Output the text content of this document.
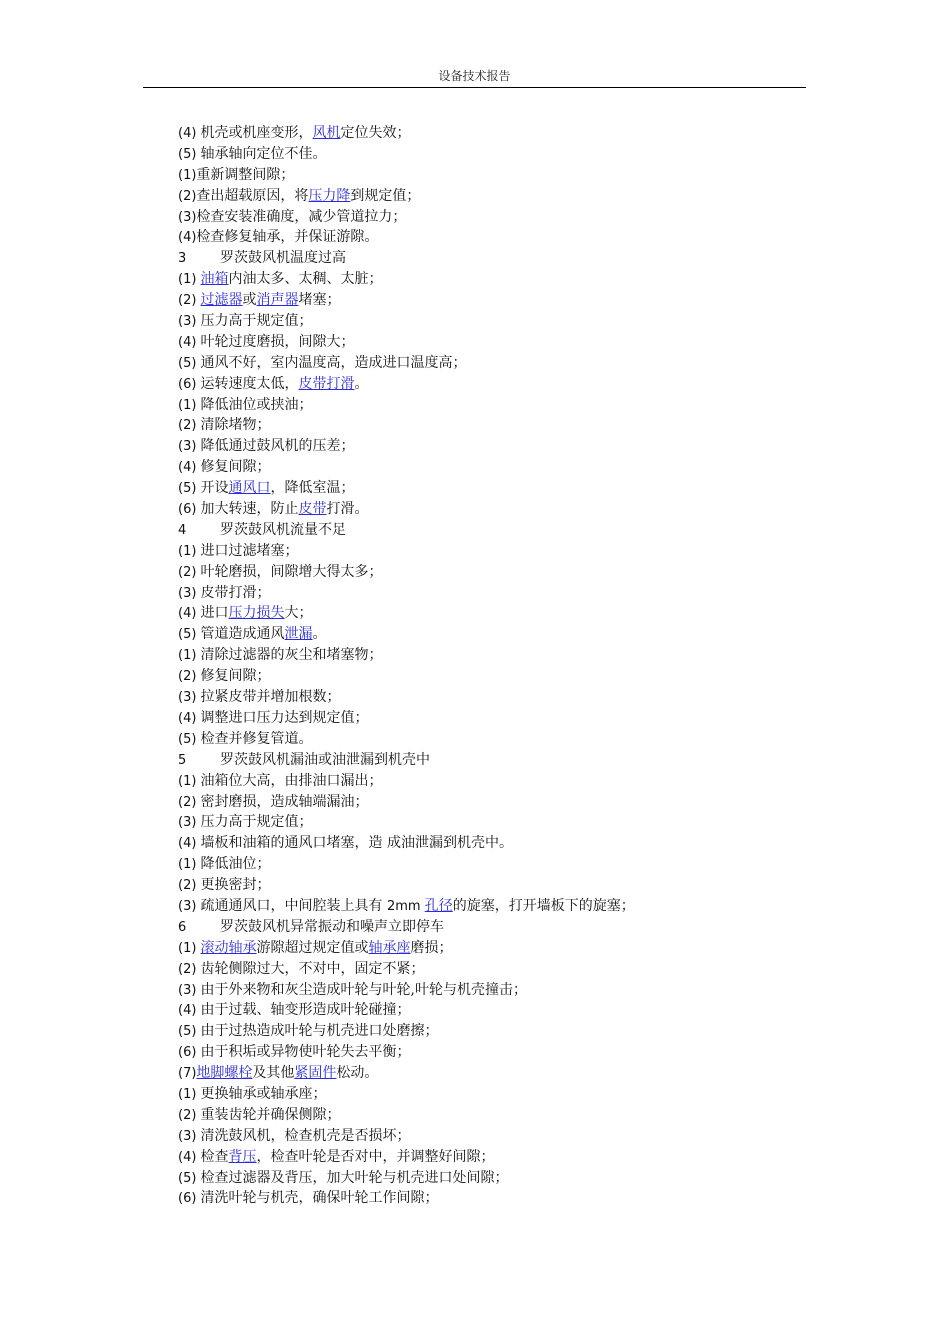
设备技术报告
(4) 机壳或机座变形，风机定位失效；
(5) 轴承轴向定位不佳。
(1)重新调整间隙；
(2)查出超载原因，将压力降到规定值；
(3)检查安装准确度，减少管道拉力；
(4)检查修复轴承，并保证游隙。
3 罗茨鼓风机温度过高
(1) 油箱内油太多、太稠、太脏；
(2) 过滤器或消声器堵塞；
(3) 压力高于规定值；
(4) 叶轮过度磨损，间隙大；
(5) 通风不好，室内温度高，造成进口温度高；
(6) 运转速度太低，皮带打滑。
(1) 降低油位或挟油；
(2) 清除堵物；
(3) 降低通过鼓风机的压差；
(4) 修复间隙；
(5) 开设通风口，降低室温；
(6) 加大转速，防止皮带打滑。
4 罗茨鼓风机流量不足
(1) 进口过滤堵塞；
(2) 叶轮磨损，间隙增大得太多；
(3) 皮带打滑；
(4) 进口压力损失大；
(5) 管道造成通风泄漏。
(1) 清除过滤器的灰尘和堵塞物；
(2) 修复间隙；
(3) 拉紧皮带并增加根数；
(4) 调整进口压力达到规定值；
(5) 检查并修复管道。
5 罗茨鼓风机漏油或油泄漏到机壳中
(1) 油箱位大高，由排油口漏出；
(2) 密封磨损，造成轴端漏油；
(3) 压力高于规定值；
(4) 墙板和油箱的通风口堵塞，造 成油泄漏到机壳中。
(1) 降低油位；
(2) 更换密封；
(3) 疏通通风口，中间腔装上具有 2mm 孔径的旋塞，打开墙板下的旋塞；
6 罗茨鼓风机异常振动和噪声立即停车
(1) 滚动轴承游隙超过规定值或轴承座磨损；
(2) 齿轮侧隙过大，不对中，固定不紧；
(3) 由于外来物和灰尘造成叶轮与叶轮,叶轮与机壳撞击；
(4) 由于过载、轴变形造成叶轮碰撞；
(5) 由于过热造成叶轮与机壳进口处磨擦；
(6) 由于积垢或异物使叶轮失去平衡；
(7)地脚螺栓及其他紧固件松动。
(1) 更换轴承或轴承座；
(2) 重装齿轮并确保侧隙；
(3) 清洗鼓风机，检查机壳是否损坏；
(4) 检查背压，检查叶轮是否对中，并调整好间隙；
(5) 检查过滤器及背压，加大叶轮与机壳进口处间隙；
(6) 清洗叶轮与机壳，确保叶轮工作间隙；
